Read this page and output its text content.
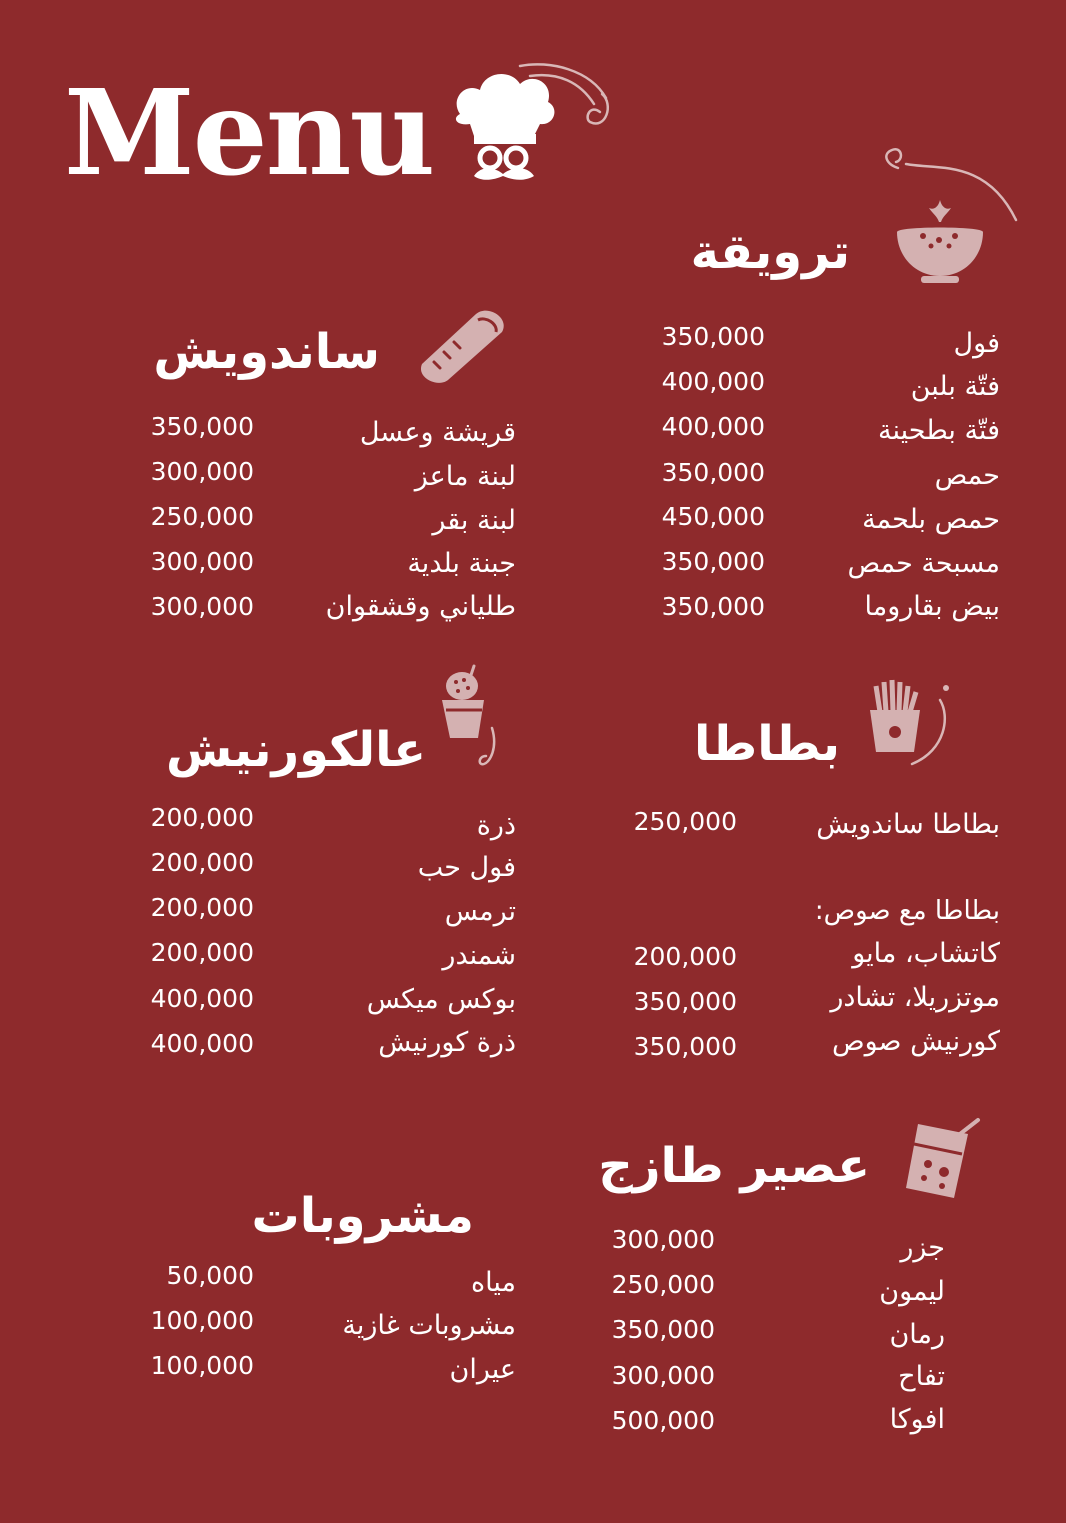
Menu
ترويقة
فول
350,000
فتّة بلبن
400,000
فتّة بطحينة
400,000
حمص
350,000
حمص بلحمة
450,000
مسبحة حمص
350,000
بيض بقاروما
350,000
ساندويش
قريشة وعسل
350,000
لبنة ماعز
300,000
لبنة بقر
250,000
جبنة بلدية
300,000
طلياني وقشقوان
300,000
بطاطا
بطاطا ساندويش
250,000
بطاطا مع صوص:
كاتشاب، مايو
200,000
موتزريلا، تشادر
350,000
كورنيش صوص
350,000
عالكورنيش
ذرة
200,000
فول حب
200,000
ترمس
200,000
شمندر
200,000
بوكس ميكس
400,000
ذرة كورنيش
400,000
عصير طازج
جزر
300,000
ليمون
250,000
رمان
350,000
تفاح
300,000
افوكا
500,000
مشروبات
مياه
50,000
مشروبات غازية
100,000
عيران
100,000
